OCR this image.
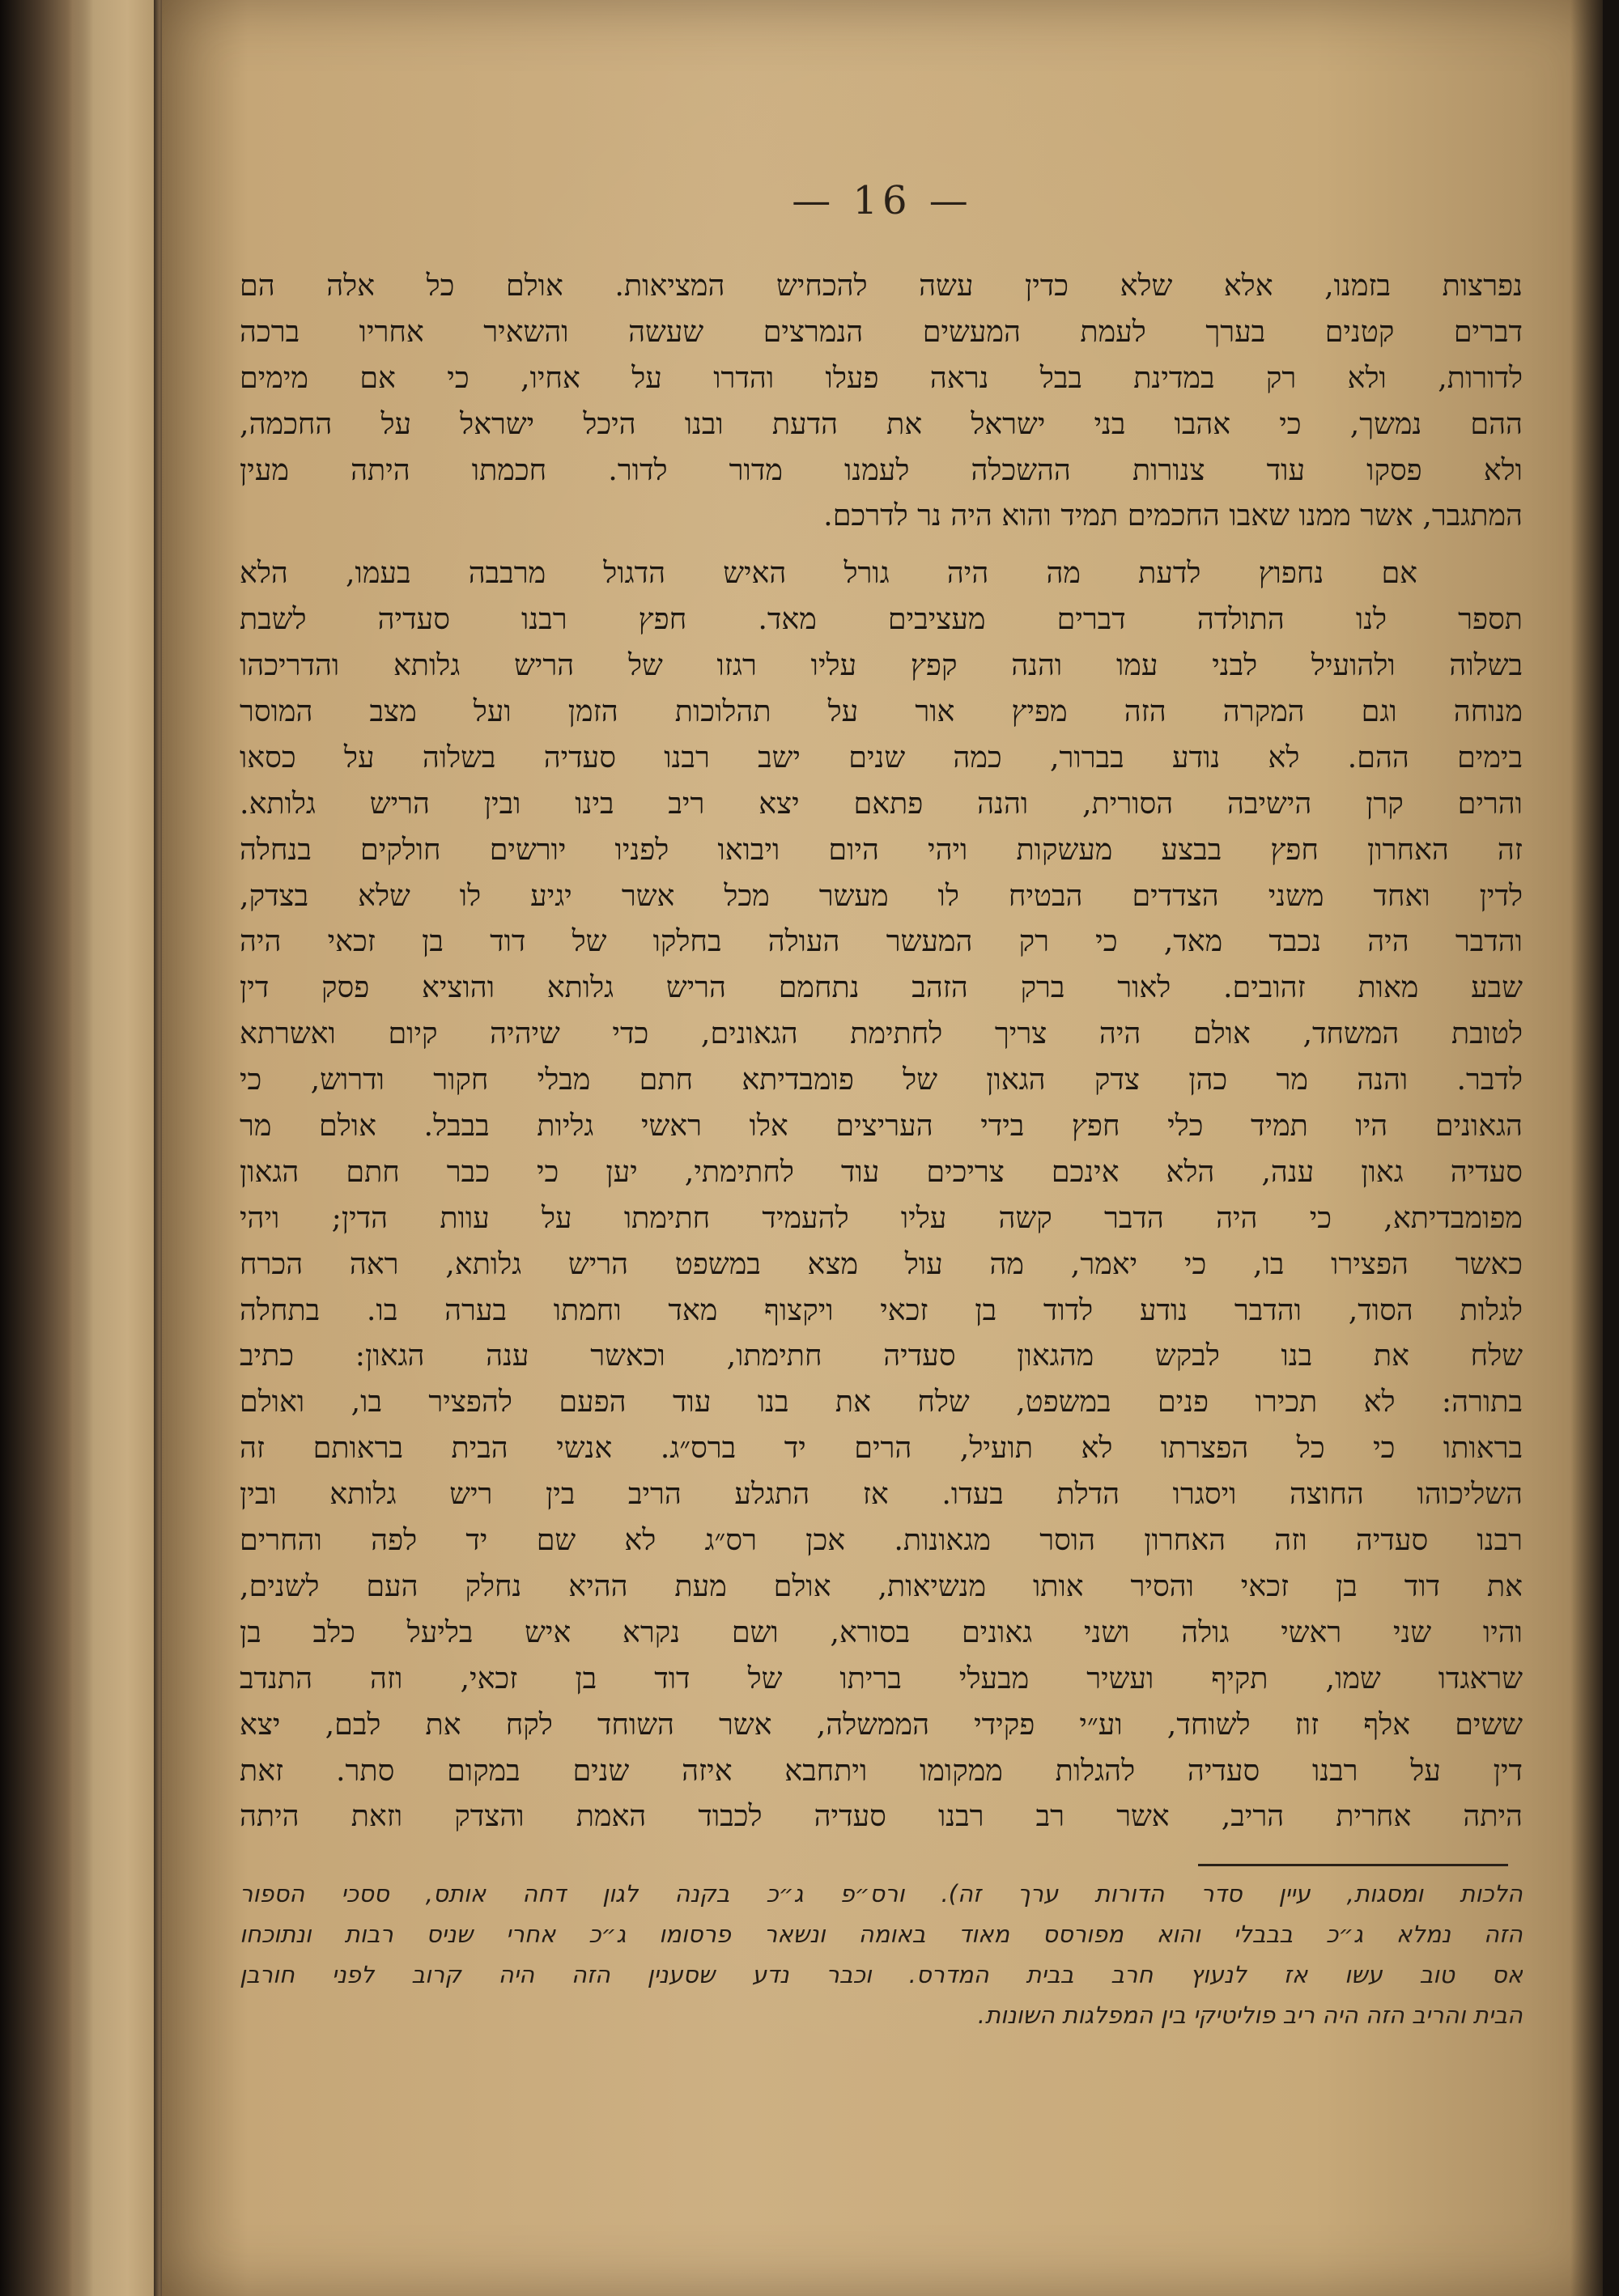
— 16 —
נפרצות בזמנו, אלא שלא כדין עשה להכחיש המציאות. אולם כל אלה הם
דברים קטנים בערך לעמת המעשים הנמרצים שעשה והשאיר אחריו ברכה
לדורות, ולא רק במדינת בבל נראה פעלו והדרו על אחיו, כי אם מימים
ההם נמשך, כי אהבו בני ישראל את הדעת ובנו היכל ישראל על החכמה,
ולא פסקו עוד צנורות ההשכלה לעמנו מדור לדור. חכמתו היתה מעין
המתגבר, אשר ממנו שאבו החכמים תמיד והוא היה נר לדרכם.
אם נחפוץ לדעת מה היה גורל האיש הדגול מרבבה בעמו, הלא
תספר לנו התולדה דברים מעציבים מאד. חפץ רבנו סעדיה לשבת
בשלוה ולהועיל לבני עמו והנה קפץ עליו רגזו של הריש גלותא והדריכהו
מנוחה וגם המקרה הזה מפיץ אור על תהלוכות הזמן ועל מצב המוסר
בימים ההם. לא נודע בברור, כמה שנים ישב רבנו סעדיה בשלוה על כסאו
והרים קרן הישיבה הסורית, והנה פתאם יצא ריב בינו ובין הריש גלותא.
זה האחרון חפץ בבצע מעשקות ויהי היום ויבואו לפניו יורשים חולקים בנחלה
לדין ואחד משני הצדדים הבטיח לו מעשר מכל אשר יגיע לו שלא בצדק,
והדבר היה נכבד מאד, כי רק המעשר העולה בחלקו של דוד בן זכאי היה
שבע מאות זהובים. לאור ברק הזהב נתחמם הריש גלותא והוציא פסק דין
לטובת המשחד, אולם היה צריך לחתימת הגאונים, כדי שיהיה קיום ואשרתא
לדבר. והנה מר כהן צדק הגאון של פומבדיתא חתם מבלי חקור ודרוש, כי
הגאונים היו תמיד כלי חפץ בידי העריצים אלו ראשי גליות בבבל. אולם מר
סעדיה גאון ענה, הלא אינכם צריכים עוד לחתימתי, יען כי כבר חתם הגאון
מפומבדיתא, כי היה הדבר קשה עליו להעמיד חתימתו על עוות הדין; ויהי
כאשר הפצירו בו, כי יאמר, מה עול מצא במשפט הריש גלותא, ראה הכרח
לגלות הסוד, והדבר נודע לדוד בן זכאי ויקצוף מאד וחמתו בערה בו. בתחלה
שלח את בנו לבקש מהגאון סעדיה חתימתו, וכאשר ענה הגאון: כתיב
בתורה: לא תכירו פנים במשפט, שלח את בנו עוד הפעם להפציר בו, ואולם
בראותו כי כל הפצרתו לא תועיל, הרים יד ברס״ג. אנשי הבית בראותם זה
השליכוהו החוצה ויסגרו הדלת בעדו. אז התגלע הריב בין ריש גלותא ובין
רבנו סעדיה וזה האחרון הוסר מגאונות. אכן רס״ג לא שם יד לפה והחרים
את דוד בן זכאי והסיר אותו מנשיאות, אולם מעת ההיא נחלק העם לשנים,
והיו שני ראשי גולה ושני גאונים בסורא, ושם נקרא איש בליעל כלב בן
שראגדו שמו, תקיף ועשיר מבעלי בריתו של דוד בן זכאי, וזה התנדב
ששים אלף זוז לשוחד, וע״י פקידי הממשלה, אשר השוחד לקח את לבם, יצא
דין על רבנו סעדיה להגלות ממקומו ויתחבא איזה שנים במקום סתר. זאת
היתה אחרית הריב, אשר רב רבנו סעדיה לכבוד האמת והצדק וזאת היתה
הלכות ומסגות, עיין סדר הדורות ערך זה). ורס״פ ג״כ בקנה לגון דחה אותס, ססכי הספור
הזה נמלא ג״כ בבבלי והוא מפורסס מאוד באומה ונשאר פרסומו ג״כ אחרי שניס רבות ונתוכחו
אס טוב עשו אז לנעוץ חרב בבית המדרס. וכבר נדע שסענין הזה היה קרוב לפני חורבן
הבית והריב הזה היה ריב פוליטיקי בין המפלגות השונות.
